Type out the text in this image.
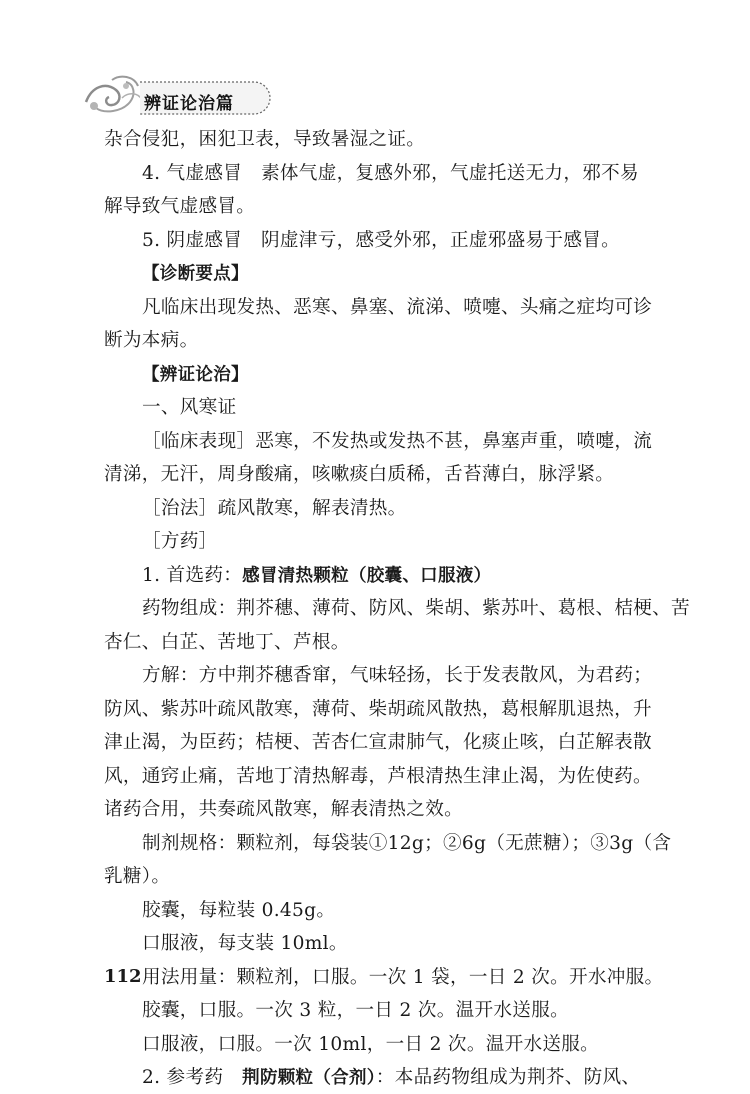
辨证论治篇
杂合侵犯，困犯卫表，导致暑湿之证。
4. 气虚感冒　素体气虚，复感外邪，气虚托送无力，邪不易
解导致气虚感冒。
5. 阴虚感冒　阴虚津亏，感受外邪，正虚邪盛易于感冒。
【诊断要点】
凡临床出现发热、恶寒、鼻塞、流涕、喷嚏、头痛之症均可诊
断为本病。
【辨证论治】
一、风寒证
［临床表现］恶寒，不发热或发热不甚，鼻塞声重，喷嚏，流
清涕，无汗，周身酸痛，咳嗽痰白质稀，舌苔薄白，脉浮紧。
［治法］疏风散寒，解表清热。
［方药］
1. 首选药：感冒清热颗粒（胶囊、口服液）
药物组成：荆芥穗、薄荷、防风、柴胡、紫苏叶、葛根、桔梗、苦
杏仁、白芷、苦地丁、芦根。
方解：方中荆芥穗香窜，气味轻扬，长于发表散风，为君药；
防风、紫苏叶疏风散寒，薄荷、柴胡疏风散热，葛根解肌退热，升
津止渴，为臣药；桔梗、苦杏仁宣肃肺气，化痰止咳，白芷解表散
风，通窍止痛，苦地丁清热解毒，芦根清热生津止渴，为佐使药。
诸药合用，共奏疏风散寒，解表清热之效。
制剂规格：颗粒剂，每袋装①12g；②6g（无蔗糖）；③3g（含
乳糖）。
胶囊，每粒装 0.45g。
口服液，每支装 10ml。
用法用量：颗粒剂，口服。一次 1 袋，一日 2 次。开水冲服。
胶囊，口服。一次 3 粒，一日 2 次。温开水送服。
口服液，口服。一次 10ml，一日 2 次。温开水送服。
2. 参考药　荆防颗粒（合剂）：本品药物组成为荆芥、防风、
112
